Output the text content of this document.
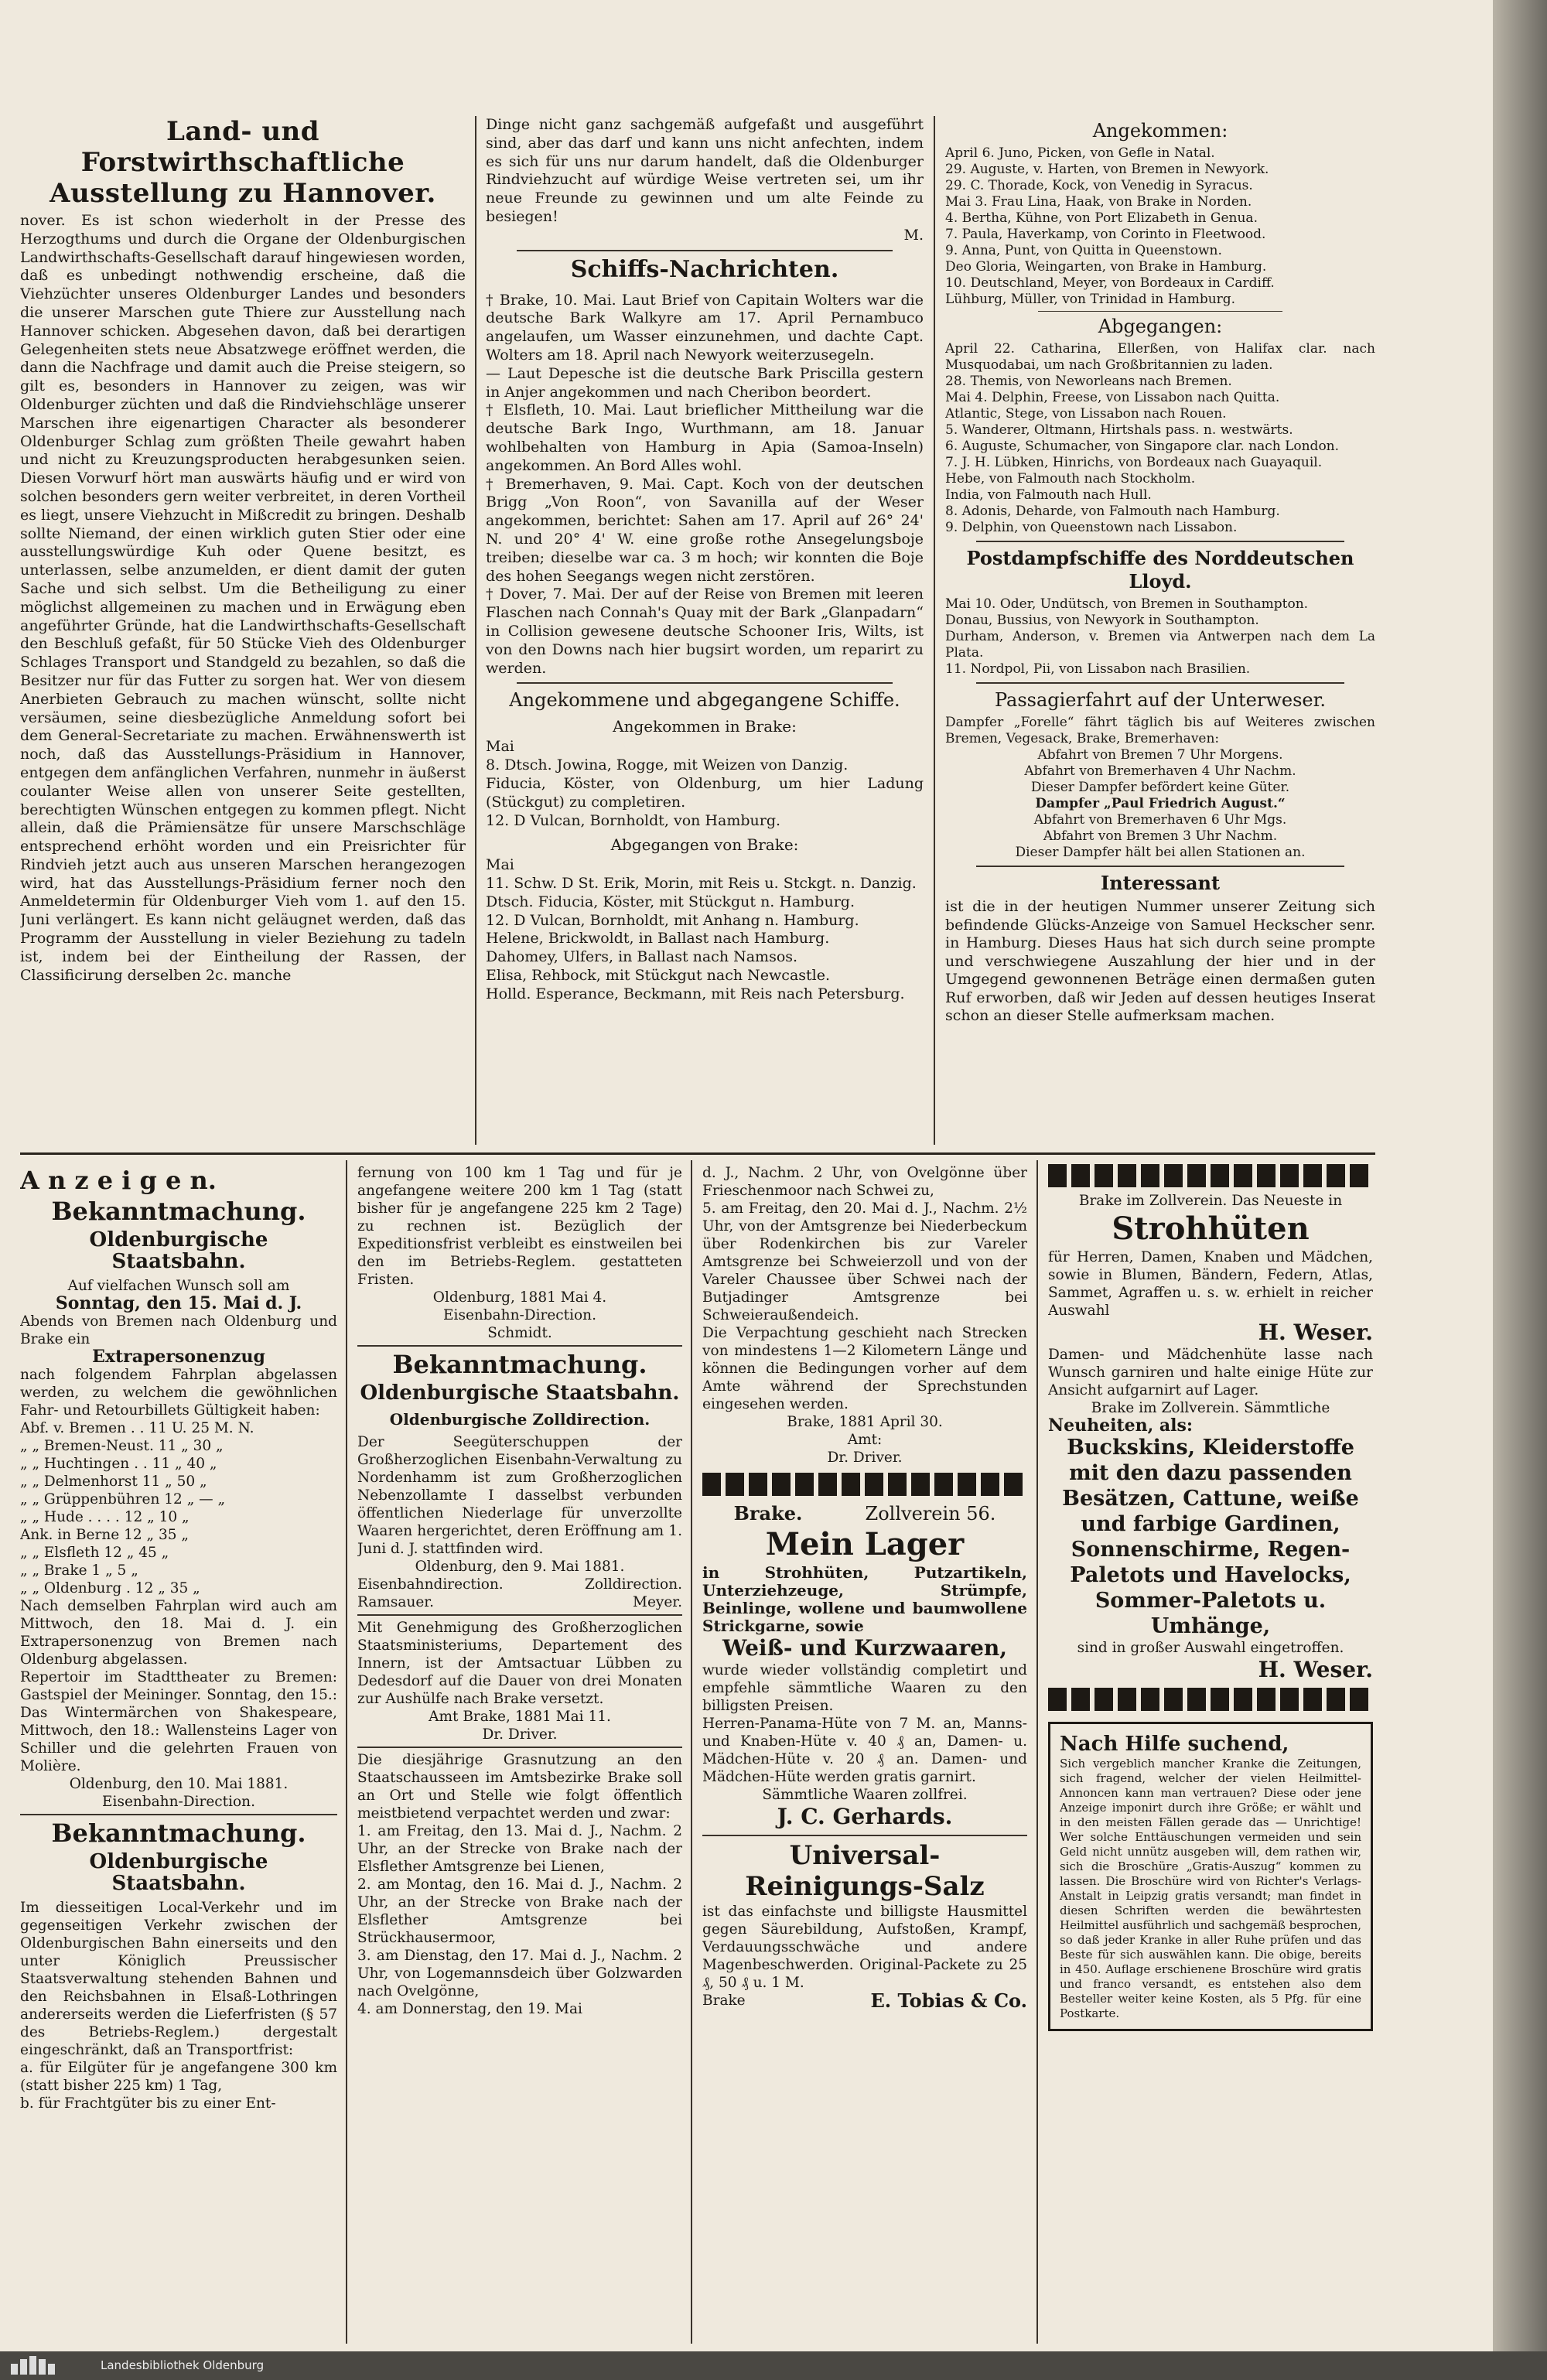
Land- und Forstwirthschaftliche Ausstellung zu Hannover.

nover. Es ist schon wiederholt in der Presse des Herzogthums und durch die Organe der Oldenburgischen Landwirthschafts-Gesellschaft darauf hingewiesen worden, daß es unbedingt nothwendig erscheine, daß die Viehzüchter unseres Oldenburger Landes und besonders die unserer Marschen gute Thiere zur Ausstellung nach Hannover schicken. Abgesehen davon, daß bei derartigen Gelegenheiten stets neue Absatzwege eröffnet werden, die dann die Nachfrage und damit auch die Preise steigern, so gilt es, besonders in Hannover zu zeigen, was wir Oldenburger züchten und daß die Rindviehschläge unserer Marschen ihre eigenartigen Character als besonderer Oldenburger Schlag zum größten Theile gewahrt haben und nicht zu Kreuzungsproducten herabgesunken seien. Diesen Vorwurf hört man auswärts häufig und er wird von solchen besonders gern weiter verbreitet, in deren Vortheil es liegt, unsere Viehzucht in Mißcredit zu bringen. Deshalb sollte Niemand, der einen wirklich guten Stier oder eine ausstellungswürdige Kuh oder Quene besitzt, es unterlassen, selbe anzumelden, er dient damit der guten Sache und sich selbst. Um die Betheiligung zu einer möglichst allgemeinen zu machen und in Erwägung eben angeführter Gründe, hat die Landwirthschafts-Gesellschaft den Beschluß gefaßt, für 50 Stücke Vieh des Oldenburger Schlages Transport und Standgeld zu bezahlen, so daß die Besitzer nur für das Futter zu sorgen hat. Wer von diesem Anerbieten Gebrauch zu machen wünscht, sollte nicht versäumen, seine diesbezügliche Anmeldung sofort bei dem General-Secretariate zu machen. Erwähnenswerth ist noch, daß das Ausstellungs-Präsidium in Hannover, entgegen dem anfänglichen Verfahren, nunmehr in äußerst coulanter Weise allen von unserer Seite gestellten, berechtigten Wünschen entgegen zu kommen pflegt. Nicht allein, daß die Prämiensätze für unsere Marschschläge entsprechend erhöht worden und ein Preisrichter für Rindvieh jetzt auch aus unseren Marschen herangezogen wird, hat das Ausstellungs-Präsidium ferner noch den Anmeldetermin für Oldenburger Vieh vom 1. auf den 15. Juni verlängert. Es kann nicht geläugnet werden, daß das Programm der Ausstellung in vieler Beziehung zu tadeln ist, indem bei der Eintheilung der Rassen, der Classificirung derselben 2c. manche

Dinge nicht ganz sachgemäß aufgefaßt und ausgeführt sind, aber das darf und kann uns nicht anfechten, indem es sich für uns nur darum handelt, daß die Oldenburger Rindviehzucht auf würdige Weise vertreten sei, um ihr neue Freunde zu gewinnen und um alte Feinde zu besiegen!

M.

Schiffs-Nachrichten.

† Brake, 10. Mai. Laut Brief von Capitain Wolters war die deutsche Bark Walkyre am 17. April Pernambuco angelaufen, um Wasser einzunehmen, und dachte Capt. Wolters am 18. April nach Newyork weiterzusegeln.

— Laut Depesche ist die deutsche Bark Priscilla gestern in Anjer angekommen und nach Cheribon beordert.

† Elsfleth, 10. Mai. Laut brieflicher Mittheilung war die deutsche Bark Ingo, Wurthmann, am 18. Januar wohlbehalten von Hamburg in Apia (Samoa-Inseln) angekommen. An Bord Alles wohl.

† Bremerhaven, 9. Mai. Capt. Koch von der deutschen Brigg „Von Roon“, von Savanilla auf der Weser angekommen, berichtet: Sahen am 17. April auf 26° 24' N. und 20° 4' W. eine große rothe Ansegelungsboje treiben; dieselbe war ca. 3 m hoch; wir konnten die Boje des hohen Seegangs wegen nicht zerstören.

† Dover, 7. Mai. Der auf der Reise von Bremen mit leeren Flaschen nach Connah's Quay mit der Bark „Glanpadarn“ in Collision gewesene deutsche Schooner Iris, Wilts, ist von den Downs nach hier bugsirt worden, um reparirt zu werden.

Angekommene und abgegangene Schiffe.
Angekommen in Brake:

Mai

8. Dtsch. Jowina, Rogge, mit Weizen von Danzig.

Fiducia, Köster, von Oldenburg, um hier Ladung (Stückgut) zu completiren.

12. D Vulcan, Bornholdt, von Hamburg.

Abgegangen von Brake:

Mai

11. Schw. D St. Erik, Morin, mit Reis u. Stckgt. n. Danzig.

Dtsch. Fiducia, Köster, mit Stückgut n. Hamburg.

12. D Vulcan, Bornholdt, mit Anhang n. Hamburg.

Helene, Brickwoldt, in Ballast nach Hamburg.

Dahomey, Ulfers, in Ballast nach Namsos.

Elisa, Rehbock, mit Stückgut nach Newcastle.

Holld. Esperance, Beckmann, mit Reis nach Petersburg.

Angekommen:

April 6. Juno, Picken, von Gefle in Natal.

29. Auguste, v. Harten, von Bremen in Newyork.

29. C. Thorade, Kock, von Venedig in Syracus.

Mai 3. Frau Lina, Haak, von Brake in Norden.

4. Bertha, Kühne, von Port Elizabeth in Genua.

7. Paula, Haverkamp, von Corinto in Fleetwood.

9. Anna, Punt, von Quitta in Queenstown.

Deo Gloria, Weingarten, von Brake in Hamburg.

10. Deutschland, Meyer, von Bordeaux in Cardiff.

Lühburg, Müller, von Trinidad in Hamburg.

Abgegangen:

April 22. Catharina, Ellerßen, von Halifax clar. nach Musquodabai, um nach Großbritannien zu laden.

28. Themis, von Neworleans nach Bremen.

Mai 4. Delphin, Freese, von Lissabon nach Quitta.

Atlantic, Stege, von Lissabon nach Rouen.

5. Wanderer, Oltmann, Hirtshals pass. n. westwärts.

6. Auguste, Schumacher, von Singapore clar. nach London.

7. J. H. Lübken, Hinrichs, von Bordeaux nach Guayaquil.

Hebe, von Falmouth nach Stockholm.

India, von Falmouth nach Hull.

8. Adonis, Deharde, von Falmouth nach Hamburg.

9. Delphin, von Queenstown nach Lissabon.

Postdampfschiffe des Norddeutschen Lloyd.

Mai 10. Oder, Undütsch, von Bremen in Southampton.

Donau, Bussius, von Newyork in Southampton.

Durham, Anderson, v. Bremen via Antwerpen nach dem La Plata.

11. Nordpol, Pii, von Lissabon nach Brasilien.

Passagierfahrt auf der Unterweser.

Dampfer „Forelle“ fährt täglich bis auf Weiteres zwischen Bremen, Vegesack, Brake, Bremerhaven:

Abfahrt von Bremen 7 Uhr Morgens.

Abfahrt von Bremerhaven 4 Uhr Nachm.

Dieser Dampfer befördert keine Güter.

Dampfer „Paul Friedrich August.“

Abfahrt von Bremerhaven 6 Uhr Mgs.

Abfahrt von Bremen 3 Uhr Nachm.

Dieser Dampfer hält bei allen Stationen an.

Interessant

ist die in der heutigen Nummer unserer Zeitung sich befindende Glücks-Anzeige von Samuel Heckscher senr. in Hamburg. Dieses Haus hat sich durch seine prompte und verschwiegene Auszahlung der hier und in der Umgegend gewonnenen Beträge einen dermaßen guten Ruf erworben, daß wir Jeden auf dessen heutiges Inserat schon an dieser Stelle aufmerksam machen.

A n z e i g e n.
Bekanntmachung.
Oldenburgische Staatsbahn.

Auf vielfachen Wunsch soll am

Sonntag, den 15. Mai d. J.

Abends von Bremen nach Oldenburg und Brake ein

Extrapersonenzug

nach folgendem Fahrplan abgelassen werden, zu welchem die gewöhnlichen Fahr- und Retourbillets Gültigkeit haben:

Abf. v. Bremen . . 11 U. 25 M. N.

„ „ Bremen-Neust. 11 „ 30 „

„ „ Huchtingen . . 11 „ 40 „

„ „ Delmenhorst 11 „ 50 „

„ „ Grüppenbühren 12 „ — „

„ „ Hude . . . . 12 „ 10 „

Ank. in Berne 12 „ 35 „

„ „ Elsfleth 12 „ 45 „

„ „ Brake 1 „ 5 „

„ „ Oldenburg . 12 „ 35 „

Nach demselben Fahrplan wird auch am Mittwoch, den 18. Mai d. J. ein Extrapersonenzug von Bremen nach Oldenburg abgelassen.

Repertoir im Stadttheater zu Bremen: Gastspiel der Meininger. Sonntag, den 15.: Das Wintermärchen von Shakespeare, Mittwoch, den 18.: Wallensteins Lager von Schiller und die gelehrten Frauen von Molière.

Oldenburg, den 10. Mai 1881.

Eisenbahn-Direction.

Bekanntmachung.
Oldenburgische Staatsbahn.

Im diesseitigen Local-Verkehr und im gegenseitigen Verkehr zwischen der Oldenburgischen Bahn einerseits und den unter Königlich Preussischer Staatsverwaltung stehenden Bahnen und den Reichsbahnen in Elsaß-Lothringen andererseits werden die Lieferfristen (§ 57 des Betriebs-Reglem.) dergestalt eingeschränkt, daß an Transportfrist:

a. für Eilgüter für je angefangene 300 km (statt bisher 225 km) 1 Tag,

b. für Frachtgüter bis zu einer Ent-

fernung von 100 km 1 Tag und für je angefangene weitere 200 km 1 Tag (statt bisher für je angefangene 225 km 2 Tage) zu rechnen ist. Bezüglich der Expeditionsfrist verbleibt es einstweilen bei den im Betriebs-Reglem. gestatteten Fristen.

Oldenburg, 1881 Mai 4.

Eisenbahn-Direction.

Schmidt.

Bekanntmachung.
Oldenburgische Staatsbahn.
Oldenburgische Zolldirection.

Der Seegüterschuppen der Großherzoglichen Eisenbahn-Verwaltung zu Nordenhamm ist zum Großherzoglichen Nebenzollamte I dasselbst verbunden öffentlichen Niederlage für unverzollte Waaren hergerichtet, deren Eröffnung am 1. Juni d. J. stattfinden wird.

Oldenburg, den 9. Mai 1881.

Eisenbahndirection.	Zolldirection.
Ramsauer.	Meyer.

Mit Genehmigung des Großherzoglichen Staatsministeriums, Departement des Innern, ist der Amtsactuar Lübben zu Dedesdorf auf die Dauer von drei Monaten zur Aushülfe nach Brake versetzt.

Amt Brake, 1881 Mai 11.

Dr. Driver.

Die diesjährige Grasnutzung an den Staatschausseen im Amtsbezirke Brake soll an Ort und Stelle wie folgt öffentlich meistbietend verpachtet werden und zwar:

1. am Freitag, den 13. Mai d. J., Nachm. 2 Uhr, an der Strecke von Brake nach der Elsflether Amtsgrenze bei Lienen,

2. am Montag, den 16. Mai d. J., Nachm. 2 Uhr, an der Strecke von Brake nach der Elsflether Amtsgrenze bei Strückhausermoor,

3. am Dienstag, den 17. Mai d. J., Nachm. 2 Uhr, von Logemannsdeich über Golzwarden nach Ovelgönne,

4. am Donnerstag, den 19. Mai

d. J., Nachm. 2 Uhr, von Ovelgönne über Frieschenmoor nach Schwei zu,

5. am Freitag, den 20. Mai d. J., Nachm. 2½ Uhr, von der Amtsgrenze bei Niederbeckum über Rodenkirchen bis zur Vareler Amtsgrenze bei Schweierzoll und von der Vareler Chaussee über Schwei nach der Butjadinger Amtsgrenze bei Schweieraußendeich.

Die Verpachtung geschieht nach Strecken von mindestens 1—2 Kilometern Länge und können die Bedingungen vorher auf dem Amte während der Sprechstunden eingesehen werden.

Brake, 1881 April 30.

Amt:

Dr. Driver.

Brake.	Zollverein 56.
Mein Lager

in Strohhüten, Putzartikeln, Unterziehzeuge, Strümpfe, Beinlinge, wollene und baumwollene Strickgarne, sowie

Weiß- und Kurzwaaren,

wurde wieder vollständig completirt und empfehle sämmtliche Waaren zu den billigsten Preisen.

Herren-Panama-Hüte von 7 M. an, Manns- und Knaben-Hüte v. 40 ₰ an, Damen- u. Mädchen-Hüte v. 20 ₰ an. Damen- und Mädchen-Hüte werden gratis garnirt.

Sämmtliche Waaren zollfrei.

J. C. Gerhards.

Universal-
Reinigungs-Salz

ist das einfachste und billigste Hausmittel gegen Säurebildung, Aufstoßen, Krampf, Verdauungsschwäche und andere Magenbeschwerden. Original-Packete zu 25 ₰, 50 ₰ u. 1 M.

Brake	E. Tobias & Co.

Brake im Zollverein. Das Neueste in

Strohhüten

für Herren, Damen, Knaben und Mädchen, sowie in Blumen, Bändern, Federn, Atlas, Sammet, Agraffen u. s. w. erhielt in reicher Auswahl

H. Weser.

Damen- und Mädchenhüte lasse nach Wunsch garniren und halte einige Hüte zur Ansicht aufgarnirt auf Lager.

Brake im Zollverein. Sämmtliche

Neuheiten, als:

Buckskins, Kleiderstoffe mit den dazu passenden Besätzen, Cattune, weiße und farbige Gardinen, Sonnenschirme, Regen-Paletots und Havelocks, Sommer-Paletots u. Umhänge,

sind in großer Auswahl eingetroffen.

H. Weser.

Nach Hilfe suchend,

Sich vergeblich mancher Kranke die Zeitungen, sich fragend, welcher der vielen Heilmittel-Annoncen kann man vertrauen? Diese oder jene Anzeige imponirt durch ihre Größe; er wählt und in den meisten Fällen gerade das — Unrichtige! Wer solche Enttäuschungen vermeiden und sein Geld nicht unnütz ausgeben will, dem rathen wir, sich die Broschüre „Gratis-Auszug“ kommen zu lassen. Die Broschüre wird von Richter's Verlags-Anstalt in Leipzig gratis versandt; man findet in diesen Schriften werden die bewährtesten Heilmittel ausführlich und sachgemäß besprochen, so daß jeder Kranke in aller Ruhe prüfen und das Beste für sich auswählen kann. Die obige, bereits in 450. Auflage erschienene Broschüre wird gratis und franco versandt, es entstehen also dem Besteller weiter keine Kosten, als 5 Pfg. für eine Postkarte.

Landesbibliothek Oldenburg
